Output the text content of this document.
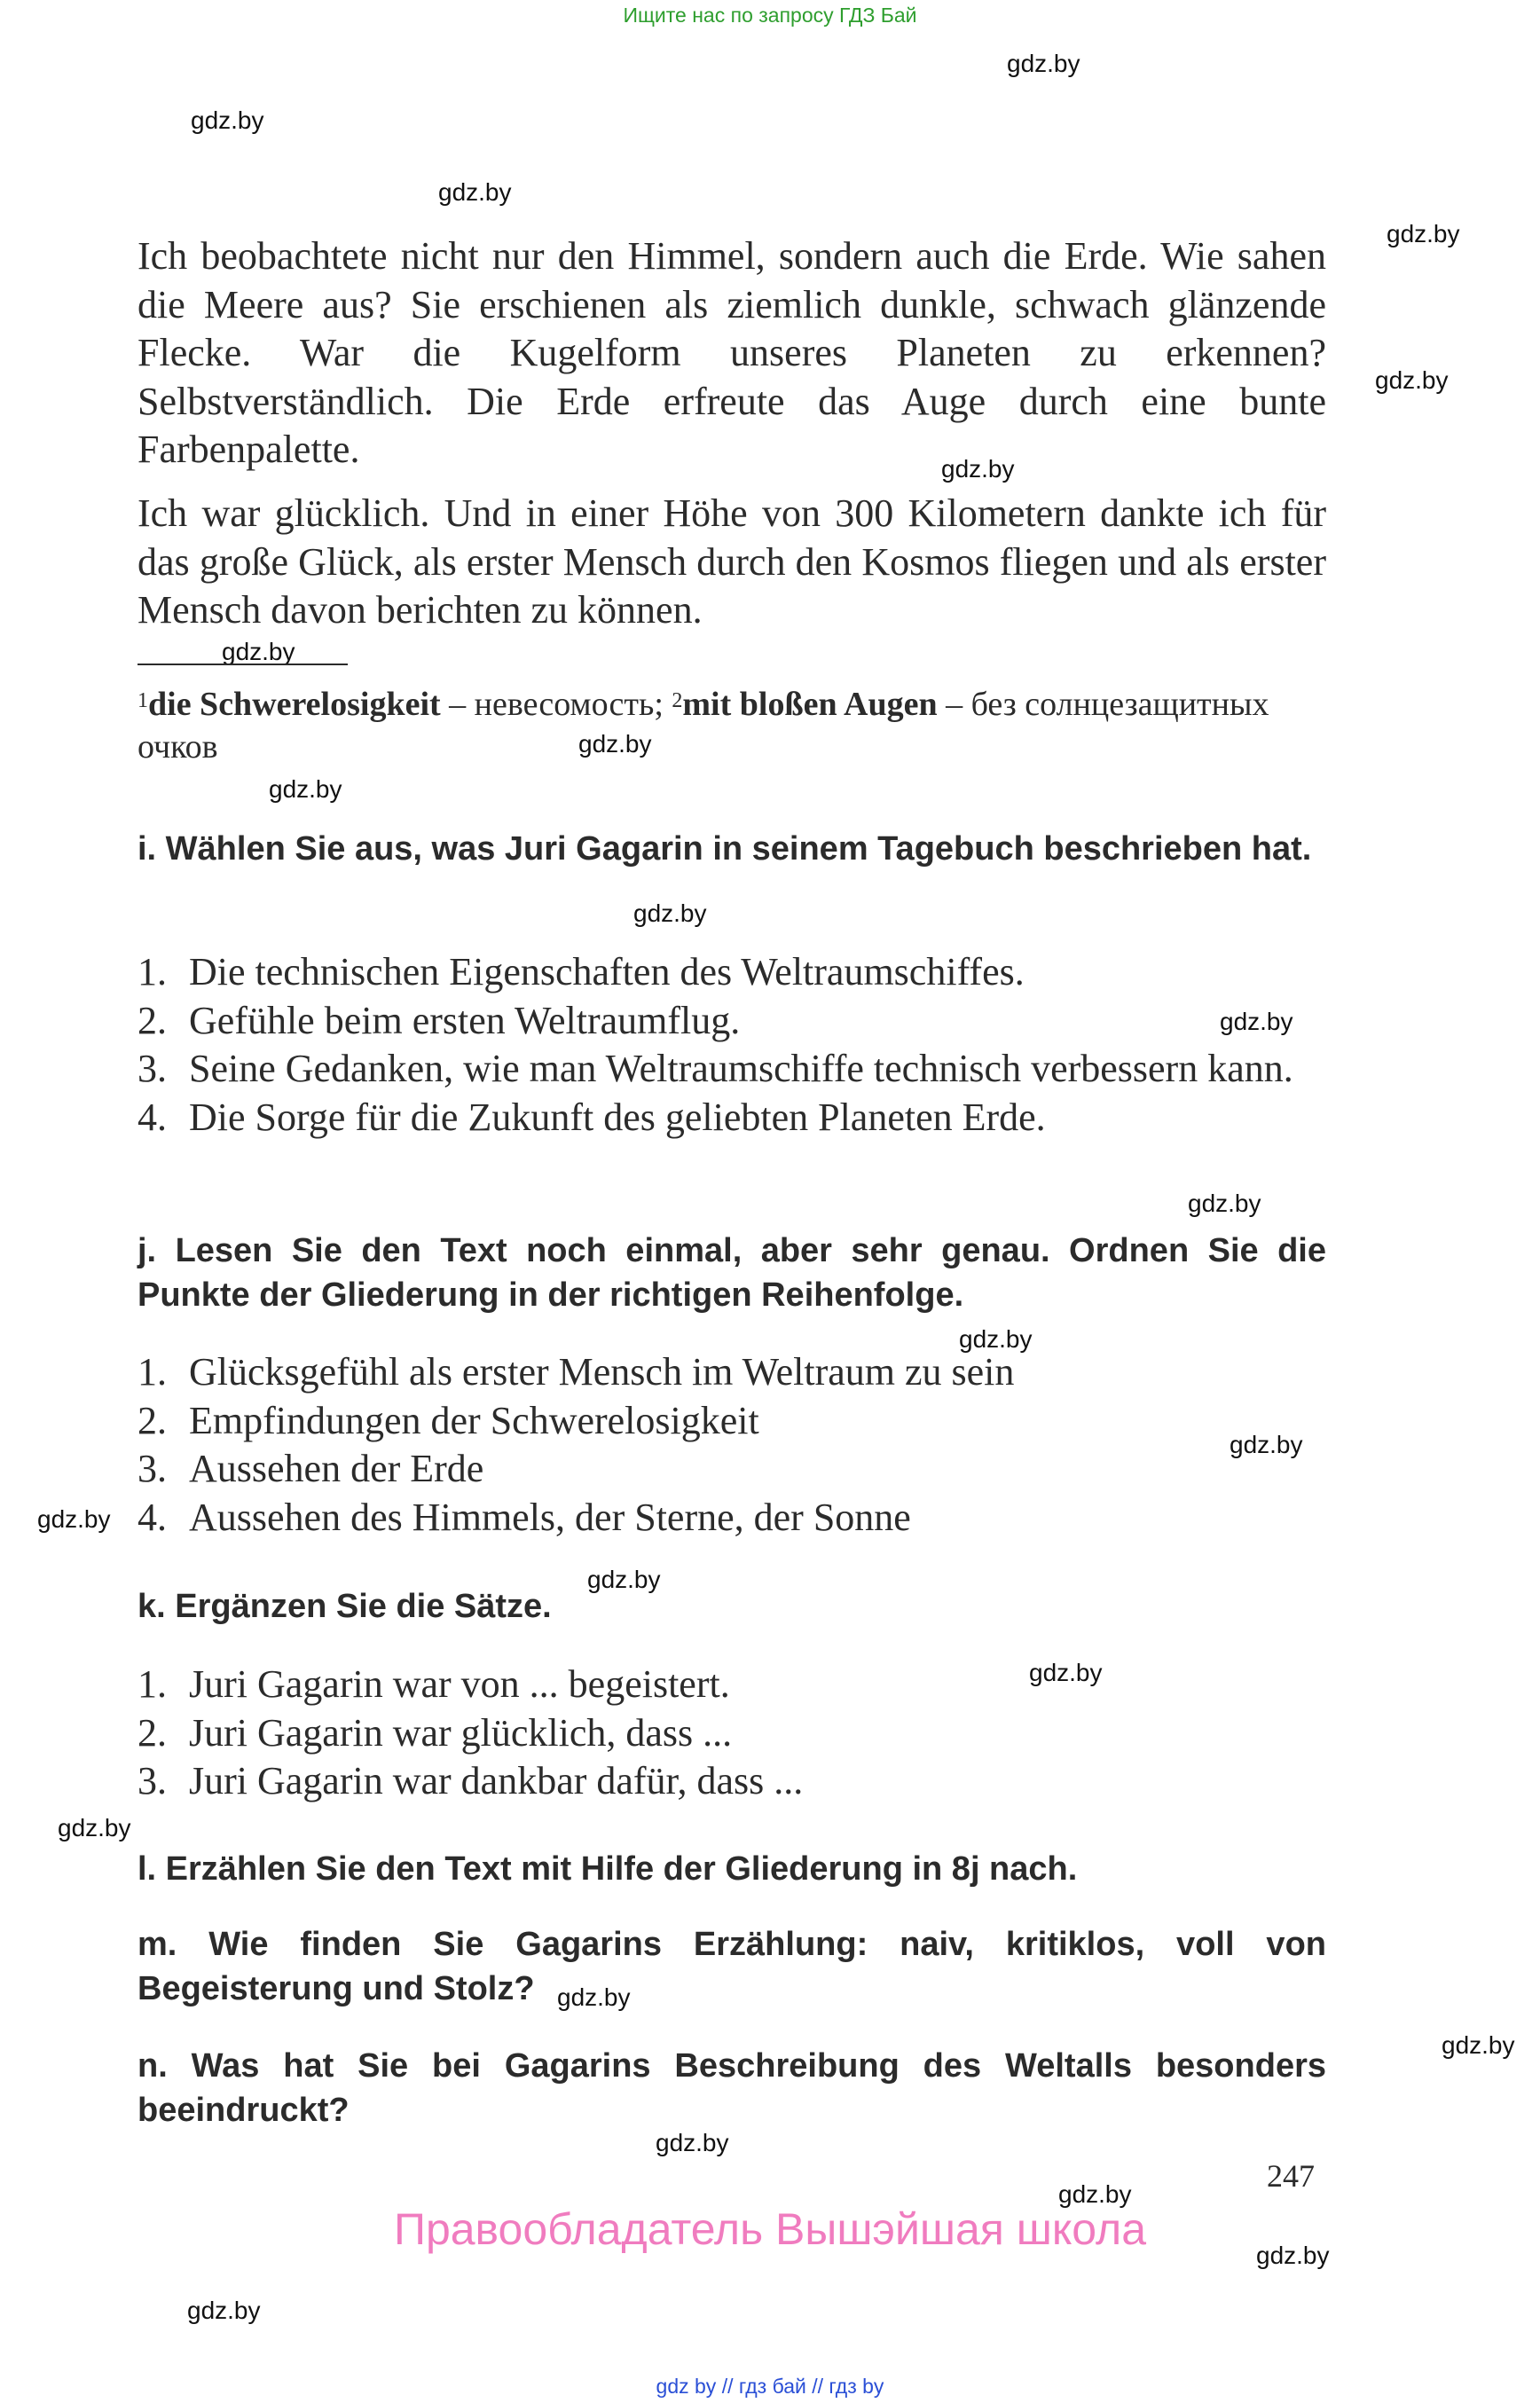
Ищите нас по запросу ГДЗ Бай
gdz.by
gdz.by
gdz.by
gdz.by
gdz.by
gdz.by
gdz.by
gdz.by
gdz.by
gdz.by
gdz.by
gdz.by
gdz.by
gdz.by
gdz.by
gdz.by
gdz.by
gdz.by
gdz.by
gdz.by
gdz.by
gdz.by
gdz.by
gdz.by

Ich beobachtete nicht nur den Himmel, sondern auch die Erde. Wie sahen die Meere aus? Sie erschienen als ziemlich dunkle, schwach glänzende Flecke. War die Kugelform unseres Planeten zu erkennen? Selbstverständlich. Die Erde erfreute das Auge durch eine bunte Farbenpalette.

Ich war glücklich. Und in einer Höhe von 300 Kilometern dankte ich für das große Glück, als erster Mensch durch den Kosmos fliegen und als erster Mensch davon berichten zu können.

$^1$die Schwerelosigkeit – невесомость; $^2$mit bloßen Augen – без солнцезащитных очков
i. Wählen Sie aus, was Juri Gagarin in seinem Tagebuch beschrieben hat.
1. Die technischen Eigenschaften des Weltraumschiffes.
2. Gefühle beim ersten Weltraumflug.
3. Seine Gedanken, wie man Weltraumschiffe technisch verbessern kann.
4. Die Sorge für die Zukunft des geliebten Planeten Erde.
j. Lesen Sie den Text noch einmal, aber sehr genau. Ordnen Sie die Punkte der Gliederung in der richtigen Reihenfolge.
1. Glücksgefühl als erster Mensch im Weltraum zu sein
2. Empfindungen der Schwerelosigkeit
3. Aussehen der Erde
4. Aussehen des Himmels, der Sterne, der Sonne
k. Ergänzen Sie die Sätze.
1. Juri Gagarin war von ... begeistert.
2. Juri Gagarin war glücklich, dass ...
3. Juri Gagarin war dankbar dafür, dass ...
l. Erzählen Sie den Text mit Hilfe der Gliederung in 8j nach.
m. Wie finden Sie Gagarins Erzählung: naiv, kritiklos, voll von Begeisterung und Stolz?
n. Was hat Sie bei Gagarins Beschreibung des Weltalls besonders beeindruckt?
247
Правообладатель Вышэйшая школа
gdz by // гдз бай // гдз by
